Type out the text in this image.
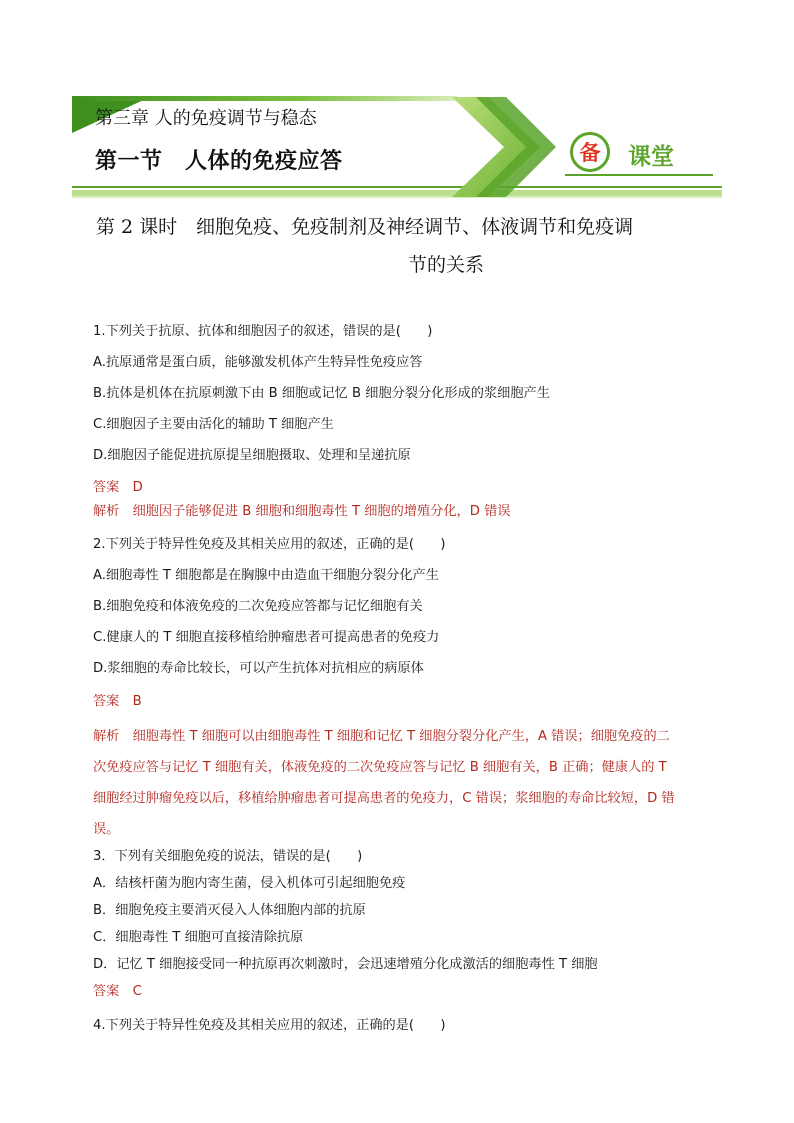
第三章 人的免疫调节与稳态
第一节　人体的免疫应答	备	课堂
第 2 课时　细胞免疫、免疫制剂及神经调节、体液调节和免疫调
节的关系
1.下列关于抗原、抗体和细胞因子的叙述，错误的是(　　)
A.抗原通常是蛋白质，能够激发机体产生特异性免疫应答
B.抗体是机体在抗原刺激下由 B 细胞或记忆 B 细胞分裂分化形成的浆细胞产生
C.细胞因子主要由活化的辅助 T 细胞产生
D.细胞因子能促进抗原提呈细胞摄取、处理和呈递抗原
答案　 D
解析　 细胞因子能够促进 B 细胞和细胞毒性 T 细胞的增殖分化，D 错误
2.下列关于特异性免疫及其相关应用的叙述，正确的是(　　)
A.细胞毒性 T 细胞都是在胸腺中由造血干细胞分裂分化产生
B.细胞免疫和体液免疫的二次免疫应答都与记忆细胞有关
C.健康人的 T 细胞直接移植给肿瘤患者可提高患者的免疫力
D.浆细胞的寿命比较长，可以产生抗体对抗相应的病原体
答案　 B
解析　 细胞毒性 T 细胞可以由细胞毒性 T 细胞和记忆 T 细胞分裂分化产生，A 错误；细胞免疫的二
次免疫应答与记忆 T 细胞有关，体液免疫的二次免疫应答与记忆 B 细胞有关，B 正确；健康人的 T
细胞经过肿瘤免疫以后，移植给肿瘤患者可提高患者的免疫力，C 错误；浆细胞的寿命比较短，D 错
误。
3．下列有关细胞免疫的说法，错误的是(　　)
A．结核杆菌为胞内寄生菌，侵入机体可引起细胞免疫
B．细胞免疫主要消灭侵入人体细胞内部的抗原
C．细胞毒性 T 细胞可直接清除抗原
D．记忆 T 细胞接受同一种抗原再次刺激时，会迅速增殖分化成激活的细胞毒性 T 细胞
答案　 C
4.下列关于特异性免疫及其相关应用的叙述，正确的是(　　)
